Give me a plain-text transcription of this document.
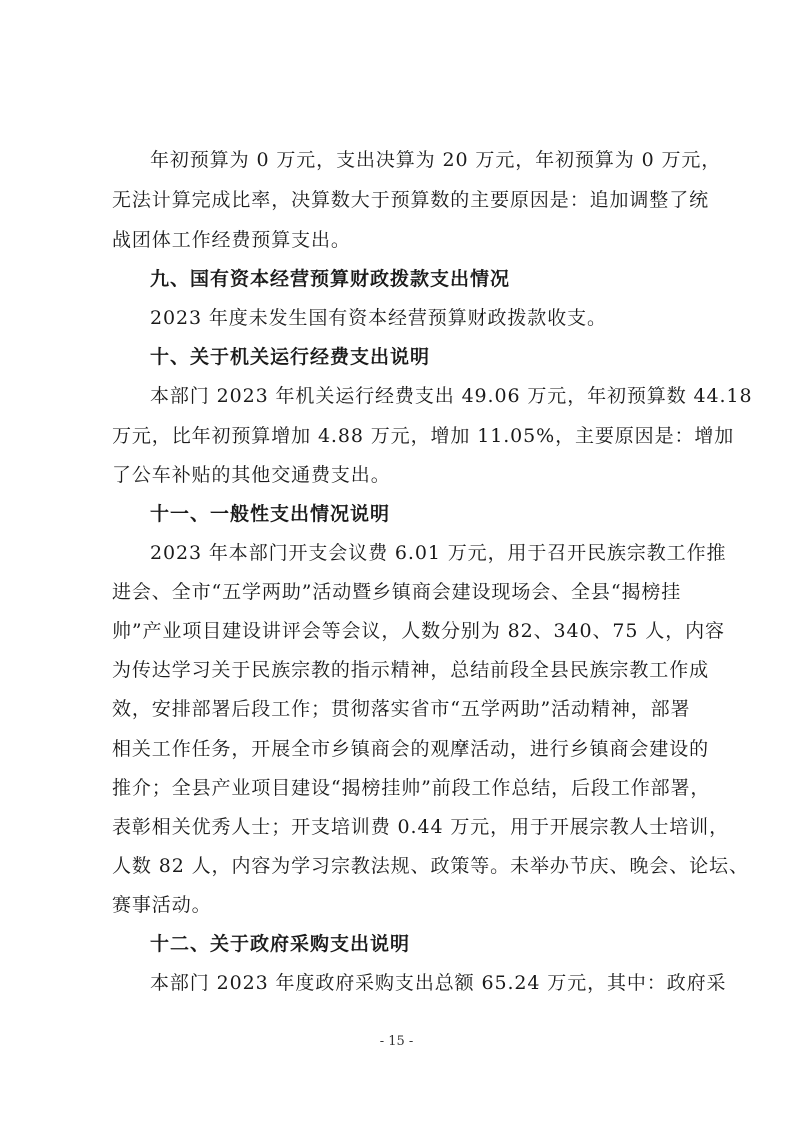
年初预算为 0 万元，支出决算为 20 万元，年初预算为 0 万元，
无法计算完成比率，决算数大于预算数的主要原因是：追加调整了统
战团体工作经费预算支出。
九、国有资本经营预算财政拨款支出情况
2023 年度未发生国有资本经营预算财政拨款收支。
十、关于机关运行经费支出说明
本部门 2023 年机关运行经费支出 49.06 万元，年初预算数 44.18
万元，比年初预算增加 4.88 万元，增加 11.05%，主要原因是：增加
了公车补贴的其他交通费支出。
十一、一般性支出情况说明
2023 年本部门开支会议费 6.01 万元，用于召开民族宗教工作推
进会、全市“五学两助”活动暨乡镇商会建设现场会、全县“揭榜挂
帅”产业项目建设讲评会等会议，人数分别为 82、340、75 人，内容
为传达学习关于民族宗教的指示精神，总结前段全县民族宗教工作成
效，安排部署后段工作；贯彻落实省市“五学两助”活动精神，部署
相关工作任务，开展全市乡镇商会的观摩活动，进行乡镇商会建设的
推介；全县产业项目建设“揭榜挂帅”前段工作总结，后段工作部署，
表彰相关优秀人士；开支培训费 0.44 万元，用于开展宗教人士培训，
人数 82 人，内容为学习宗教法规、政策等。未举办节庆、晚会、论坛、
赛事活动。
十二、关于政府采购支出说明
本部门 2023 年度政府采购支出总额 65.24 万元，其中：政府采
- 15 -
